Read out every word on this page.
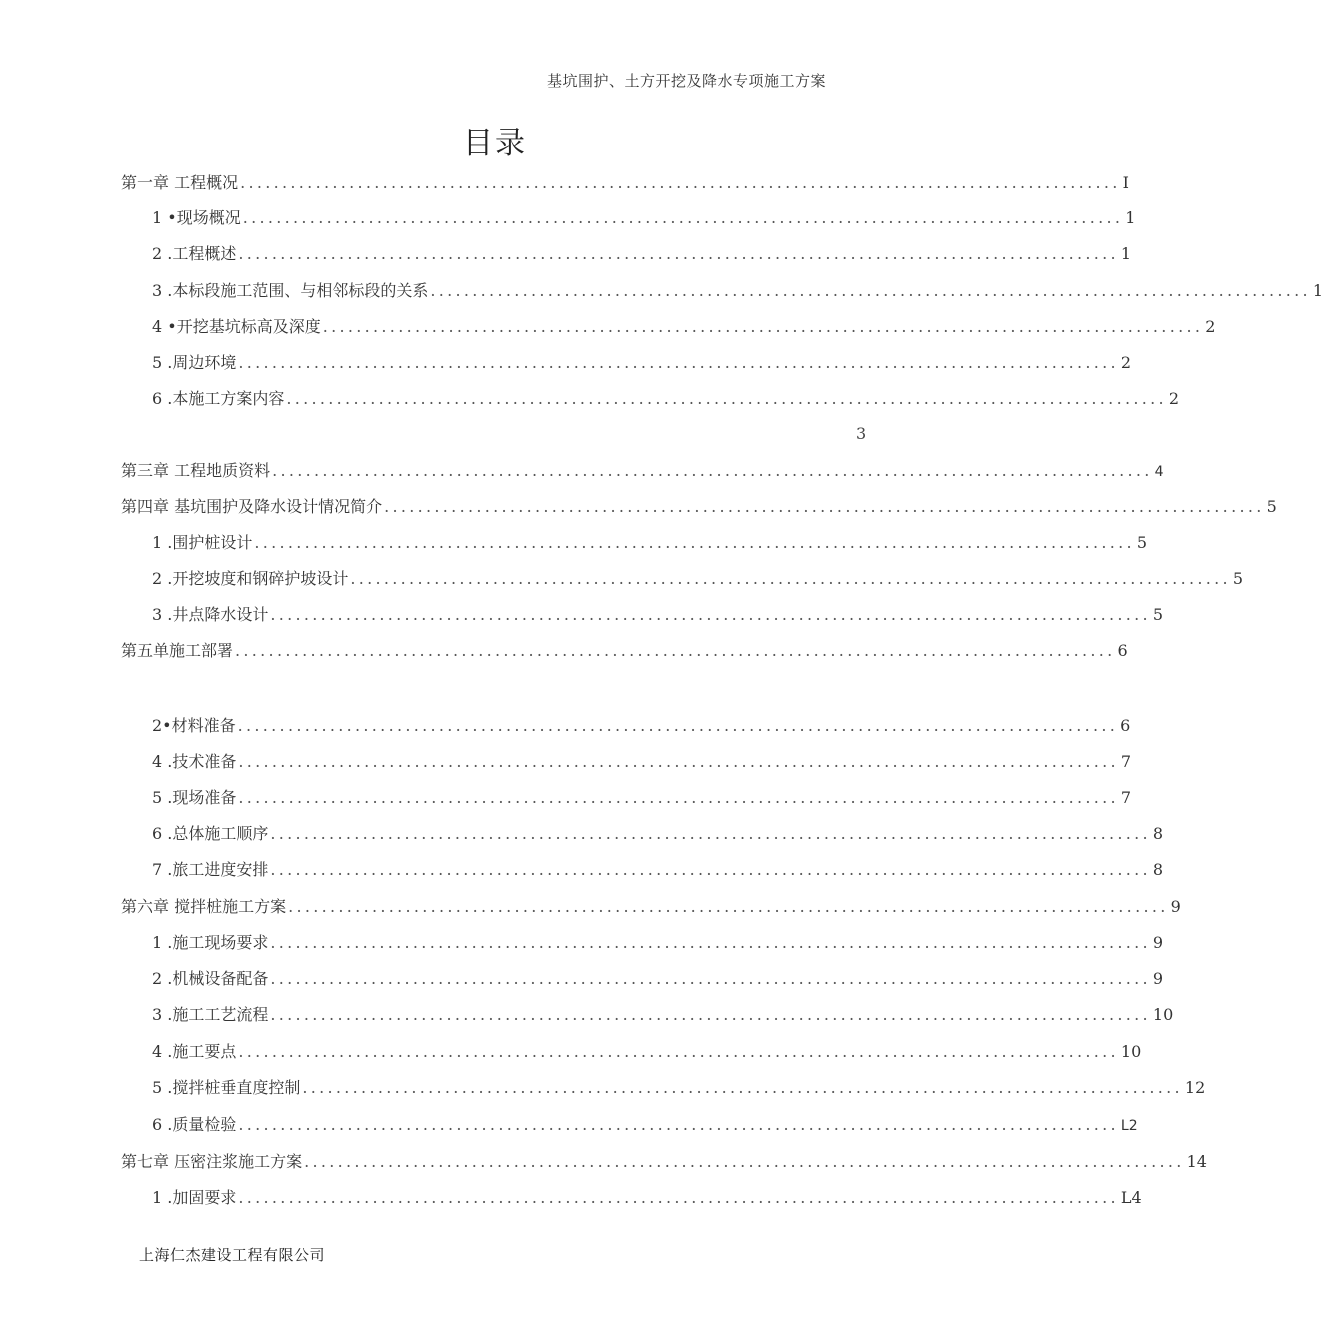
基坑围护、土方开挖及降水专项施工方案
目录
第一章 工程概况 ......................................................................................................... I
1 •现场概况 ......................................................................................................... 1
2 .工程概述 ......................................................................................................... 1
3 .本标段施工范围、与相邻标段的关系 ......................................................................................................... 1
4 •开挖基坑标高及深度 ......................................................................................................... 2
5 .周边环境 ......................................................................................................... 2
6 .本施工方案内容 ......................................................................................................... 2
第三章 工程地质资料 ......................................................................................................... 4
第四章 基坑围护及降水设计情况简介 ......................................................................................................... 5
1 .围护桩设计 ......................................................................................................... 5
2 .开挖坡度和钢碎护坡设计 ......................................................................................................... 5
3 .井点降水设计 ......................................................................................................... 5
第五单施工部署 ......................................................................................................... 6
2•材料准备 ......................................................................................................... 6
4 .技术准备 ......................................................................................................... 7
5 .现场准备 ......................................................................................................... 7
6 .总体施工顺序 ......................................................................................................... 8
7 .旅工进度安排 ......................................................................................................... 8
第六章 搅拌桩施工方案 ......................................................................................................... 9
1 .施工现场要求 ......................................................................................................... 9
2 .机械设备配备 ......................................................................................................... 9
3 .施工工艺流程 ......................................................................................................... 10
4 .施工要点 ......................................................................................................... 10
5 .搅拌桩垂直度控制 ......................................................................................................... 12
6 .质量检验 ......................................................................................................... L2
第七章 压密注浆施工方案 ......................................................................................................... 14
1 .加固要求 ......................................................................................................... L4
3
上海仁杰建设工程有限公司
